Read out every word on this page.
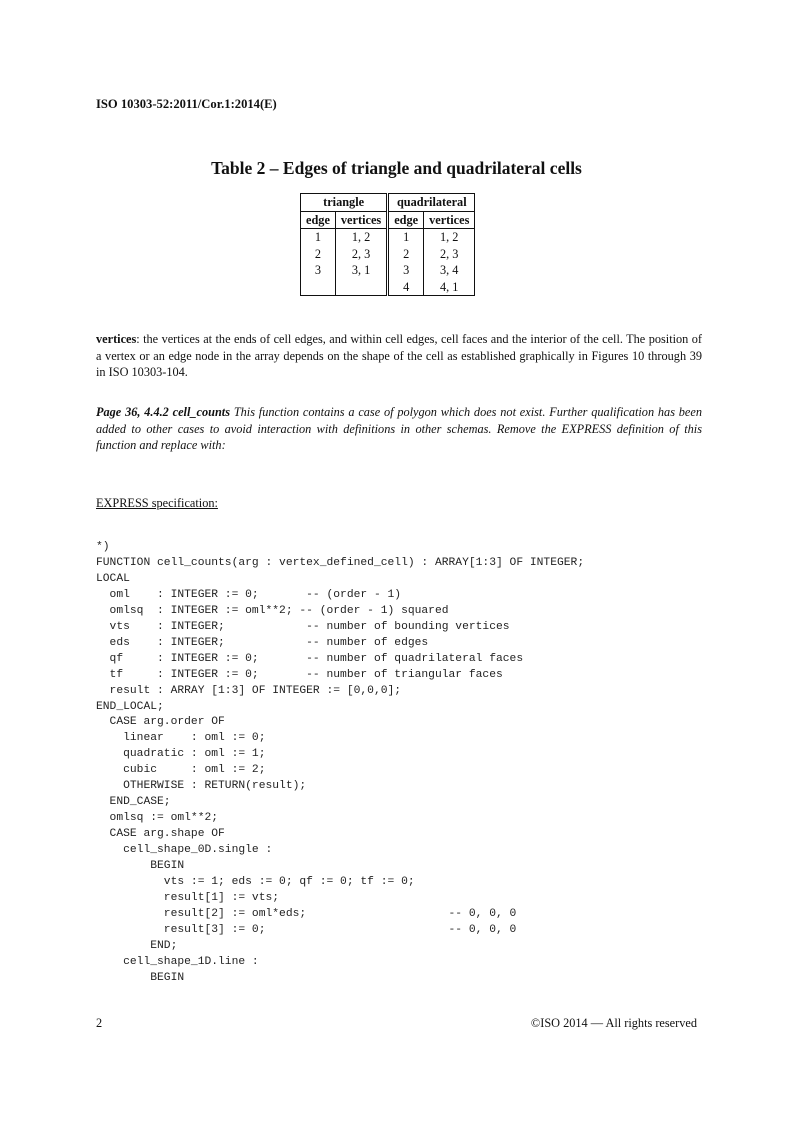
ISO 10303-52:2011/Cor.1:2014(E)
Table 2 – Edges of triangle and quadrilateral cells
triangle		quadrilateral	
edge	vertices	edge	vertices
1	1, 2	1	1, 2
2	2, 3	2	2, 3
3	3, 1	3	3, 4
		4	4, 1
vertices: the vertices at the ends of cell edges, and within cell edges, cell faces and the interior of the cell. The position of a vertex or an edge node in the array depends on the shape of the cell as established graphically in Figures 10 through 39 in ISO 10303-104.
Page 36, 4.4.2 cell_counts This function contains a case of polygon which does not exist. Further qualification has been added to other cases to avoid interaction with definitions in other schemas. Remove the EXPRESS definition of this function and replace with:
EXPRESS specification:
*)
FUNCTION cell_counts(arg : vertex_defined_cell) : ARRAY[1:3] OF INTEGER;
LOCAL
oml    : INTEGER := 0;       -- (order - 1)
omlsq  : INTEGER := oml**2; -- (order - 1) squared
vts    : INTEGER;            -- number of bounding vertices
eds    : INTEGER;            -- number of edges
qf     : INTEGER := 0;       -- number of quadrilateral faces
tf     : INTEGER := 0;       -- number of triangular faces
result : ARRAY [1:3] OF INTEGER := [0,0,0];
END_LOCAL;
CASE arg.order OF
linear    : oml := 0;
quadratic : oml := 1;
cubic     : oml := 2;
OTHERWISE : RETURN(result);
END_CASE;
omlsq := oml**2;
CASE arg.shape OF
cell_shape_0D.single :
BEGIN
vts := 1; eds := 0; qf := 0; tf := 0;
result[1] := vts;
result[2] := oml*eds;                     -- 0, 0, 0
result[3] := 0;                           -- 0, 0, 0
END;
cell_shape_1D.line :
BEGIN
2	©ISO 2014 — All rights reserved
